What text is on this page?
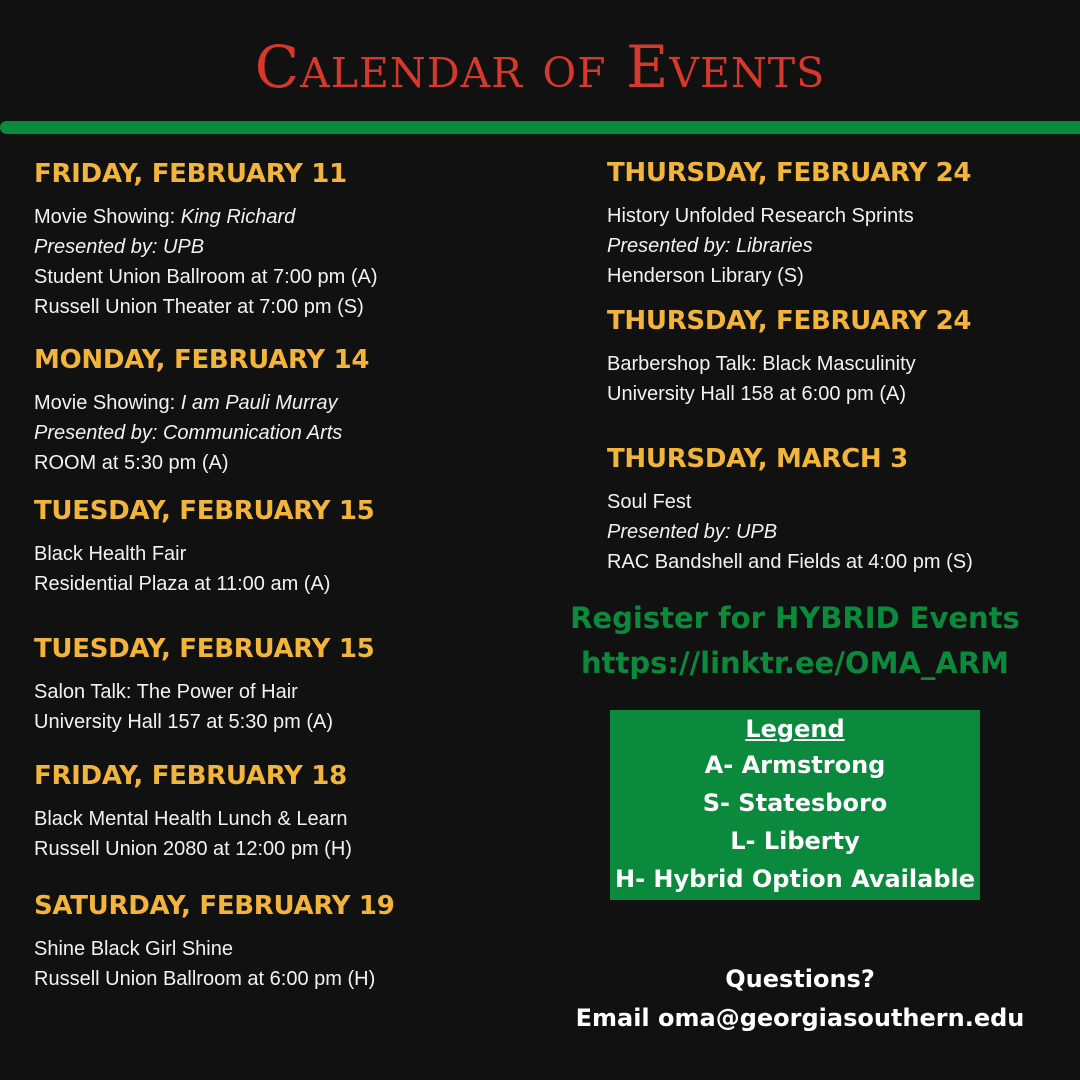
Calendar of Events
FRIDAY, FEBRUARY 11
Movie Showing: King Richard
Presented by: UPB
Student Union Ballroom at 7:00 pm (A)
Russell Union Theater at 7:00 pm (S)
MONDAY, FEBRUARY 14
Movie Showing: I am Pauli Murray
Presented by: Communication Arts
ROOM at 5:30 pm (A)
TUESDAY, FEBRUARY 15
Black Health Fair
Residential Plaza at 11:00 am (A)
TUESDAY, FEBRUARY 15
Salon Talk: The Power of Hair
University Hall 157 at 5:30 pm (A)
FRIDAY, FEBRUARY 18
Black Mental Health Lunch & Learn
Russell Union 2080 at 12:00 pm (H)
SATURDAY, FEBRUARY 19
Shine Black Girl Shine
Russell Union Ballroom at 6:00 pm (H)
THURSDAY, FEBRUARY 24
History Unfolded Research Sprints
Presented by: Libraries
Henderson Library (S)
THURSDAY, FEBRUARY 24
Barbershop Talk: Black Masculinity
University Hall 158 at 6:00 pm (A)
THURSDAY, MARCH 3
Soul Fest
Presented by: UPB
RAC Bandshell and Fields at 4:00 pm (S)
Register for HYBRID Events
https://linktr.ee/OMA_ARM
Legend
A- Armstrong
S- Statesboro
L- Liberty
H- Hybrid Option Available
Questions?
Email oma@georgiasouthern.edu
